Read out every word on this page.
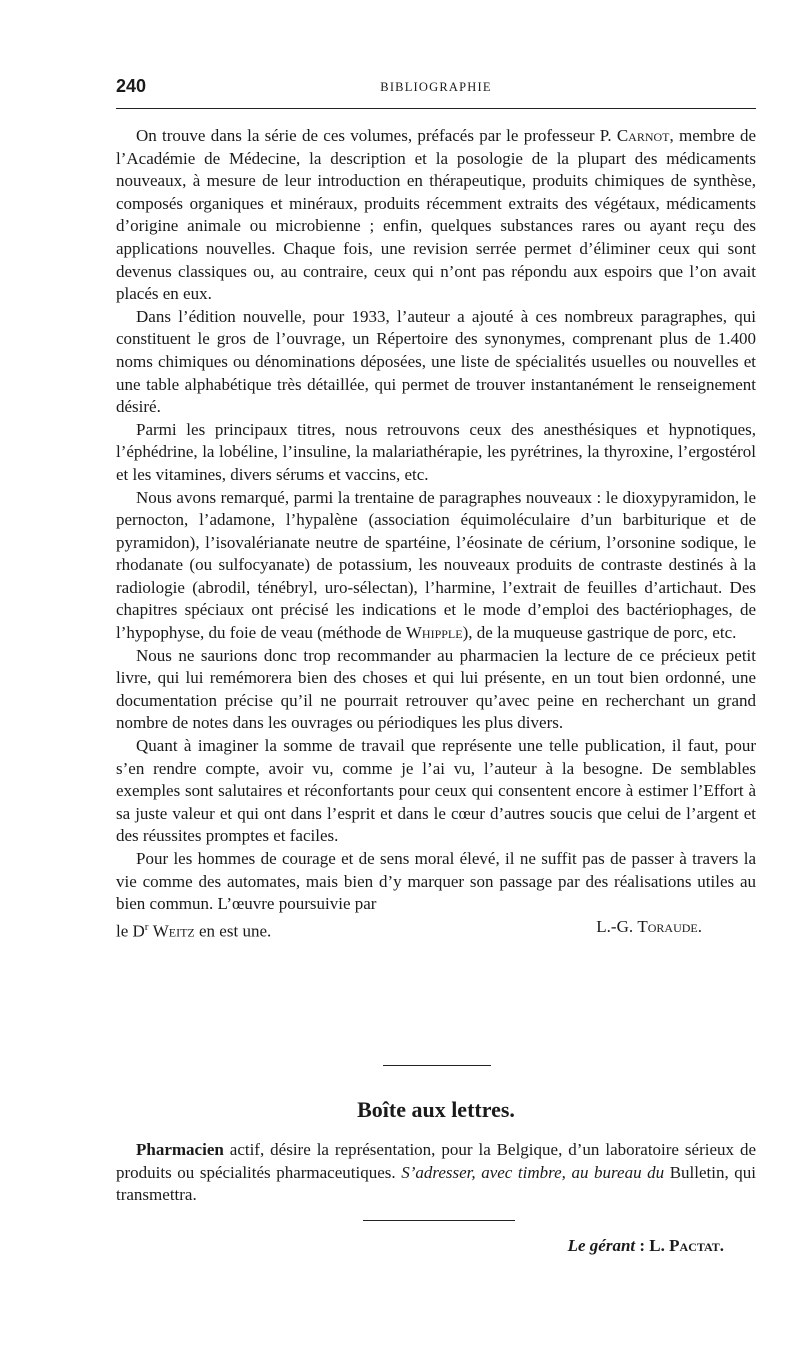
240	BIBLIOGRAPHIE

On trouve dans la série de ces volumes, préfacés par le professeur P. Carnot, membre de l’Académie de Médecine, la description et la posologie de la plupart des médicaments nouveaux, à mesure de leur introduction en thérapeutique, produits chimiques de synthèse, composés organiques et minéraux, produits récemment extraits des végétaux, médicaments d’origine animale ou microbienne ; enfin, quelques substances rares ou ayant reçu des applications nouvelles. Chaque fois, une revision serrée permet d’éliminer ceux qui sont devenus classiques ou, au contraire, ceux qui n’ont pas répondu aux espoirs que l’on avait placés en eux.

Dans l’édition nouvelle, pour 1933, l’auteur a ajouté à ces nombreux paragraphes, qui constituent le gros de l’ouvrage, un Répertoire des synonymes, comprenant plus de 1.400 noms chimiques ou dénominations déposées, une liste de spécialités usuelles ou nouvelles et une table alphabétique très détaillée, qui permet de trouver instantanément le renseignement désiré.

Parmi les principaux titres, nous retrouvons ceux des anesthésiques et hypnotiques, l’éphédrine, la lobéline, l’insuline, la malariathérapie, les pyrétrines, la thyroxine, l’ergostérol et les vitamines, divers sérums et vaccins, etc.

Nous avons remarqué, parmi la trentaine de paragraphes nouveaux : le dioxypyramidon, le pernocton, l’adamone, l’hypalène (association équimoléculaire d’un barbiturique et de pyramidon), l’isovalérianate neutre de spartéine, l’éosinate de cérium, l’orsonine sodique, le rhodanate (ou sulfocyanate) de potassium, les nouveaux produits de contraste destinés à la radiologie (abrodil, ténébryl, uro-sélectan), l’harmine, l’extrait de feuilles d’artichaut. Des chapitres spéciaux ont précisé les indications et le mode d’emploi des bactériophages, de l’hypophyse, du foie de veau (méthode de Whipple), de la muqueuse gastrique de porc, etc.

Nous ne saurions donc trop recommander au pharmacien la lecture de ce précieux petit livre, qui lui remémorera bien des choses et qui lui présente, en un tout bien ordonné, une documentation précise qu’il ne pourrait retrouver qu’avec peine en recherchant un grand nombre de notes dans les ouvrages ou périodiques les plus divers.

Quant à imaginer la somme de travail que représente une telle publication, il faut, pour s’en rendre compte, avoir vu, comme je l’ai vu, l’auteur à la besogne. De semblables exemples sont salutaires et réconfortants pour ceux qui consentent encore à estimer l’Effort à sa juste valeur et qui ont dans l’esprit et dans le cœur d’autres soucis que celui de l’argent et des réussites promptes et faciles.

Pour les hommes de courage et de sens moral élevé, il ne suffit pas de passer à travers la vie comme des automates, mais bien d’y marquer son passage par des réalisations utiles au bien commun. L’œuvre poursuivie par

le $D^r$ Weitz en est une.	L.-G. Toraude.
Boîte aux lettres.

Pharmacien actif, désire la représentation, pour la Belgique, d’un laboratoire sérieux de produits ou spécialités pharmaceutiques. S’adresser, avec timbre, au bureau du Bulletin, qui transmettra.

Le gérant : L. Pactat.
